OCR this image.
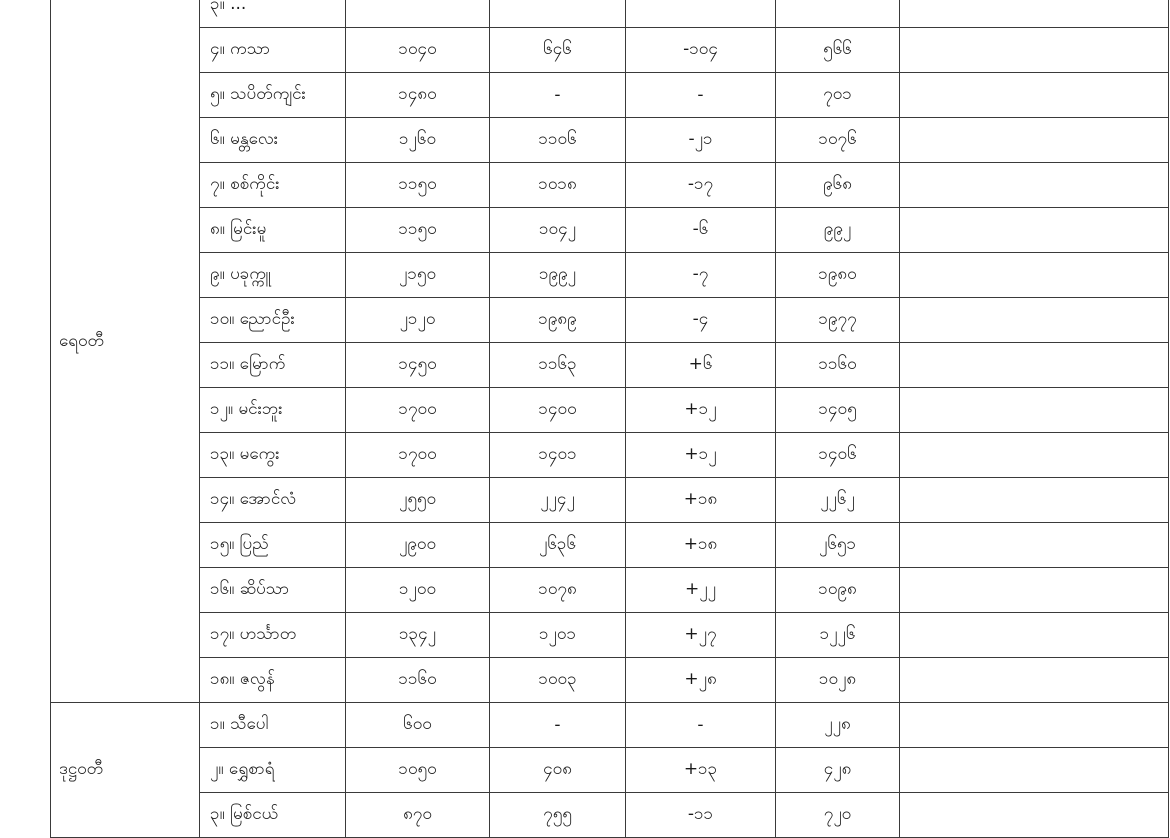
ရေဝတီ	၃။ ...					
	၄။ ကသာ	၁၀၄၀	၆၄၆	-၁၀၄	၅၆၆	
	၅။ သပိတ်ကျင်း	၁၄၈၀	-	-	၇၀၁	
	၆။ မန္တလေး	၁၂၆၀	၁၁၀၆	-၂၁	၁၀၇၆	
	၇။ စစ်ကိုင်း	၁၁၅၀	၁၀၁၈	-၁၇	၉၆၈	
	၈။ မြင်းမူ	၁၁၅၀	၁၀၄၂	-၆	၉၉၂	
	၉။ ပခုက္ကူ	၂၁၅၀	၁၉၉၂	-၇	၁၉၈၀	
	၁၀။ ညောင်ဦး	၂၁၂၀	၁၉၈၉	-၄	၁၉၇၇	
	၁၁။ မြောက်	၁၄၅၀	၁၁၆၃	+၆	၁၁၆၀	
	၁၂။ မင်းဘူး	၁၇၀၀	၁၄၀၀	+၁၂	၁၄၀၅	
	၁၃။ မကွေး	၁၇၀၀	၁၄၀၁	+၁၂	၁၄၀၆	
	၁၄။ အောင်လံ	၂၅၅၀	၂၂၄၂	+၁၈	၂၂၆၂	
	၁၅။ ပြည်	၂၉၀၀	၂၆၃၆	+၁၈	၂၆၅၁	
	၁၆။ ဆိပ်သာ	၁၂၀၀	၁၀၇၈	+၂၂	၁၀၉၈	
	၁၇။ ဟင်္သာတ	၁၃၄၂	၁၂၀၁	+၂၇	၁၂၂၆	
	၁၈။ ဇလွန်	၁၁၆၀	၁၀၀၃	+၂၈	၁၀၂၈	
ဒုဋ္ဌဝတီ	၁။ သီပေါ	၆၀၀	-	-	၂၂၈	
	၂။ ရွှေစာရံ	၁၀၅၀	၄၀၈	+၁၃	၄၂၈	
	၃။ မြစ်ငယ်	၈၇၀	၇၅၅	-၁၁	၇၂၀	
